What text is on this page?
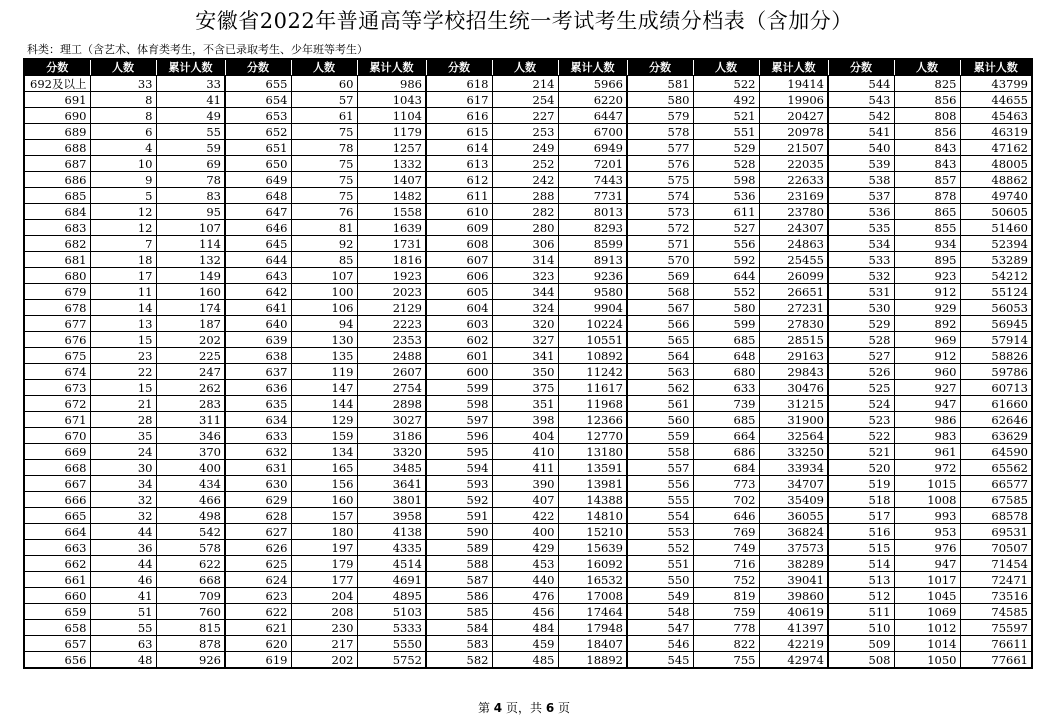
安徽省2022年普通高等学校招生统一考试考生成绩分档表（含加分）
科类：理工（含艺术、体育类考生，不含已录取考生、少年班等考生）
分数	人数	累计人数	分数	人数	累计人数	分数	人数	累计人数	分数	人数	累计人数	分数	人数	累计人数
692及以上	33	33	655	60	986	618	214	5966	581	522	19414	544	825	43799
691	8	41	654	57	1043	617	254	6220	580	492	19906	543	856	44655
690	8	49	653	61	1104	616	227	6447	579	521	20427	542	808	45463
689	6	55	652	75	1179	615	253	6700	578	551	20978	541	856	46319
688	4	59	651	78	1257	614	249	6949	577	529	21507	540	843	47162
687	10	69	650	75	1332	613	252	7201	576	528	22035	539	843	48005
686	9	78	649	75	1407	612	242	7443	575	598	22633	538	857	48862
685	5	83	648	75	1482	611	288	7731	574	536	23169	537	878	49740
684	12	95	647	76	1558	610	282	8013	573	611	23780	536	865	50605
683	12	107	646	81	1639	609	280	8293	572	527	24307	535	855	51460
682	7	114	645	92	1731	608	306	8599	571	556	24863	534	934	52394
681	18	132	644	85	1816	607	314	8913	570	592	25455	533	895	53289
680	17	149	643	107	1923	606	323	9236	569	644	26099	532	923	54212
679	11	160	642	100	2023	605	344	9580	568	552	26651	531	912	55124
678	14	174	641	106	2129	604	324	9904	567	580	27231	530	929	56053
677	13	187	640	94	2223	603	320	10224	566	599	27830	529	892	56945
676	15	202	639	130	2353	602	327	10551	565	685	28515	528	969	57914
675	23	225	638	135	2488	601	341	10892	564	648	29163	527	912	58826
674	22	247	637	119	2607	600	350	11242	563	680	29843	526	960	59786
673	15	262	636	147	2754	599	375	11617	562	633	30476	525	927	60713
672	21	283	635	144	2898	598	351	11968	561	739	31215	524	947	61660
671	28	311	634	129	3027	597	398	12366	560	685	31900	523	986	62646
670	35	346	633	159	3186	596	404	12770	559	664	32564	522	983	63629
669	24	370	632	134	3320	595	410	13180	558	686	33250	521	961	64590
668	30	400	631	165	3485	594	411	13591	557	684	33934	520	972	65562
667	34	434	630	156	3641	593	390	13981	556	773	34707	519	1015	66577
666	32	466	629	160	3801	592	407	14388	555	702	35409	518	1008	67585
665	32	498	628	157	3958	591	422	14810	554	646	36055	517	993	68578
664	44	542	627	180	4138	590	400	15210	553	769	36824	516	953	69531
663	36	578	626	197	4335	589	429	15639	552	749	37573	515	976	70507
662	44	622	625	179	4514	588	453	16092	551	716	38289	514	947	71454
661	46	668	624	177	4691	587	440	16532	550	752	39041	513	1017	72471
660	41	709	623	204	4895	586	476	17008	549	819	39860	512	1045	73516
659	51	760	622	208	5103	585	456	17464	548	759	40619	511	1069	74585
658	55	815	621	230	5333	584	484	17948	547	778	41397	510	1012	75597
657	63	878	620	217	5550	583	459	18407	546	822	42219	509	1014	76611
656	48	926	619	202	5752	582	485	18892	545	755	42974	508	1050	77661
第 4 页，共 6 页
